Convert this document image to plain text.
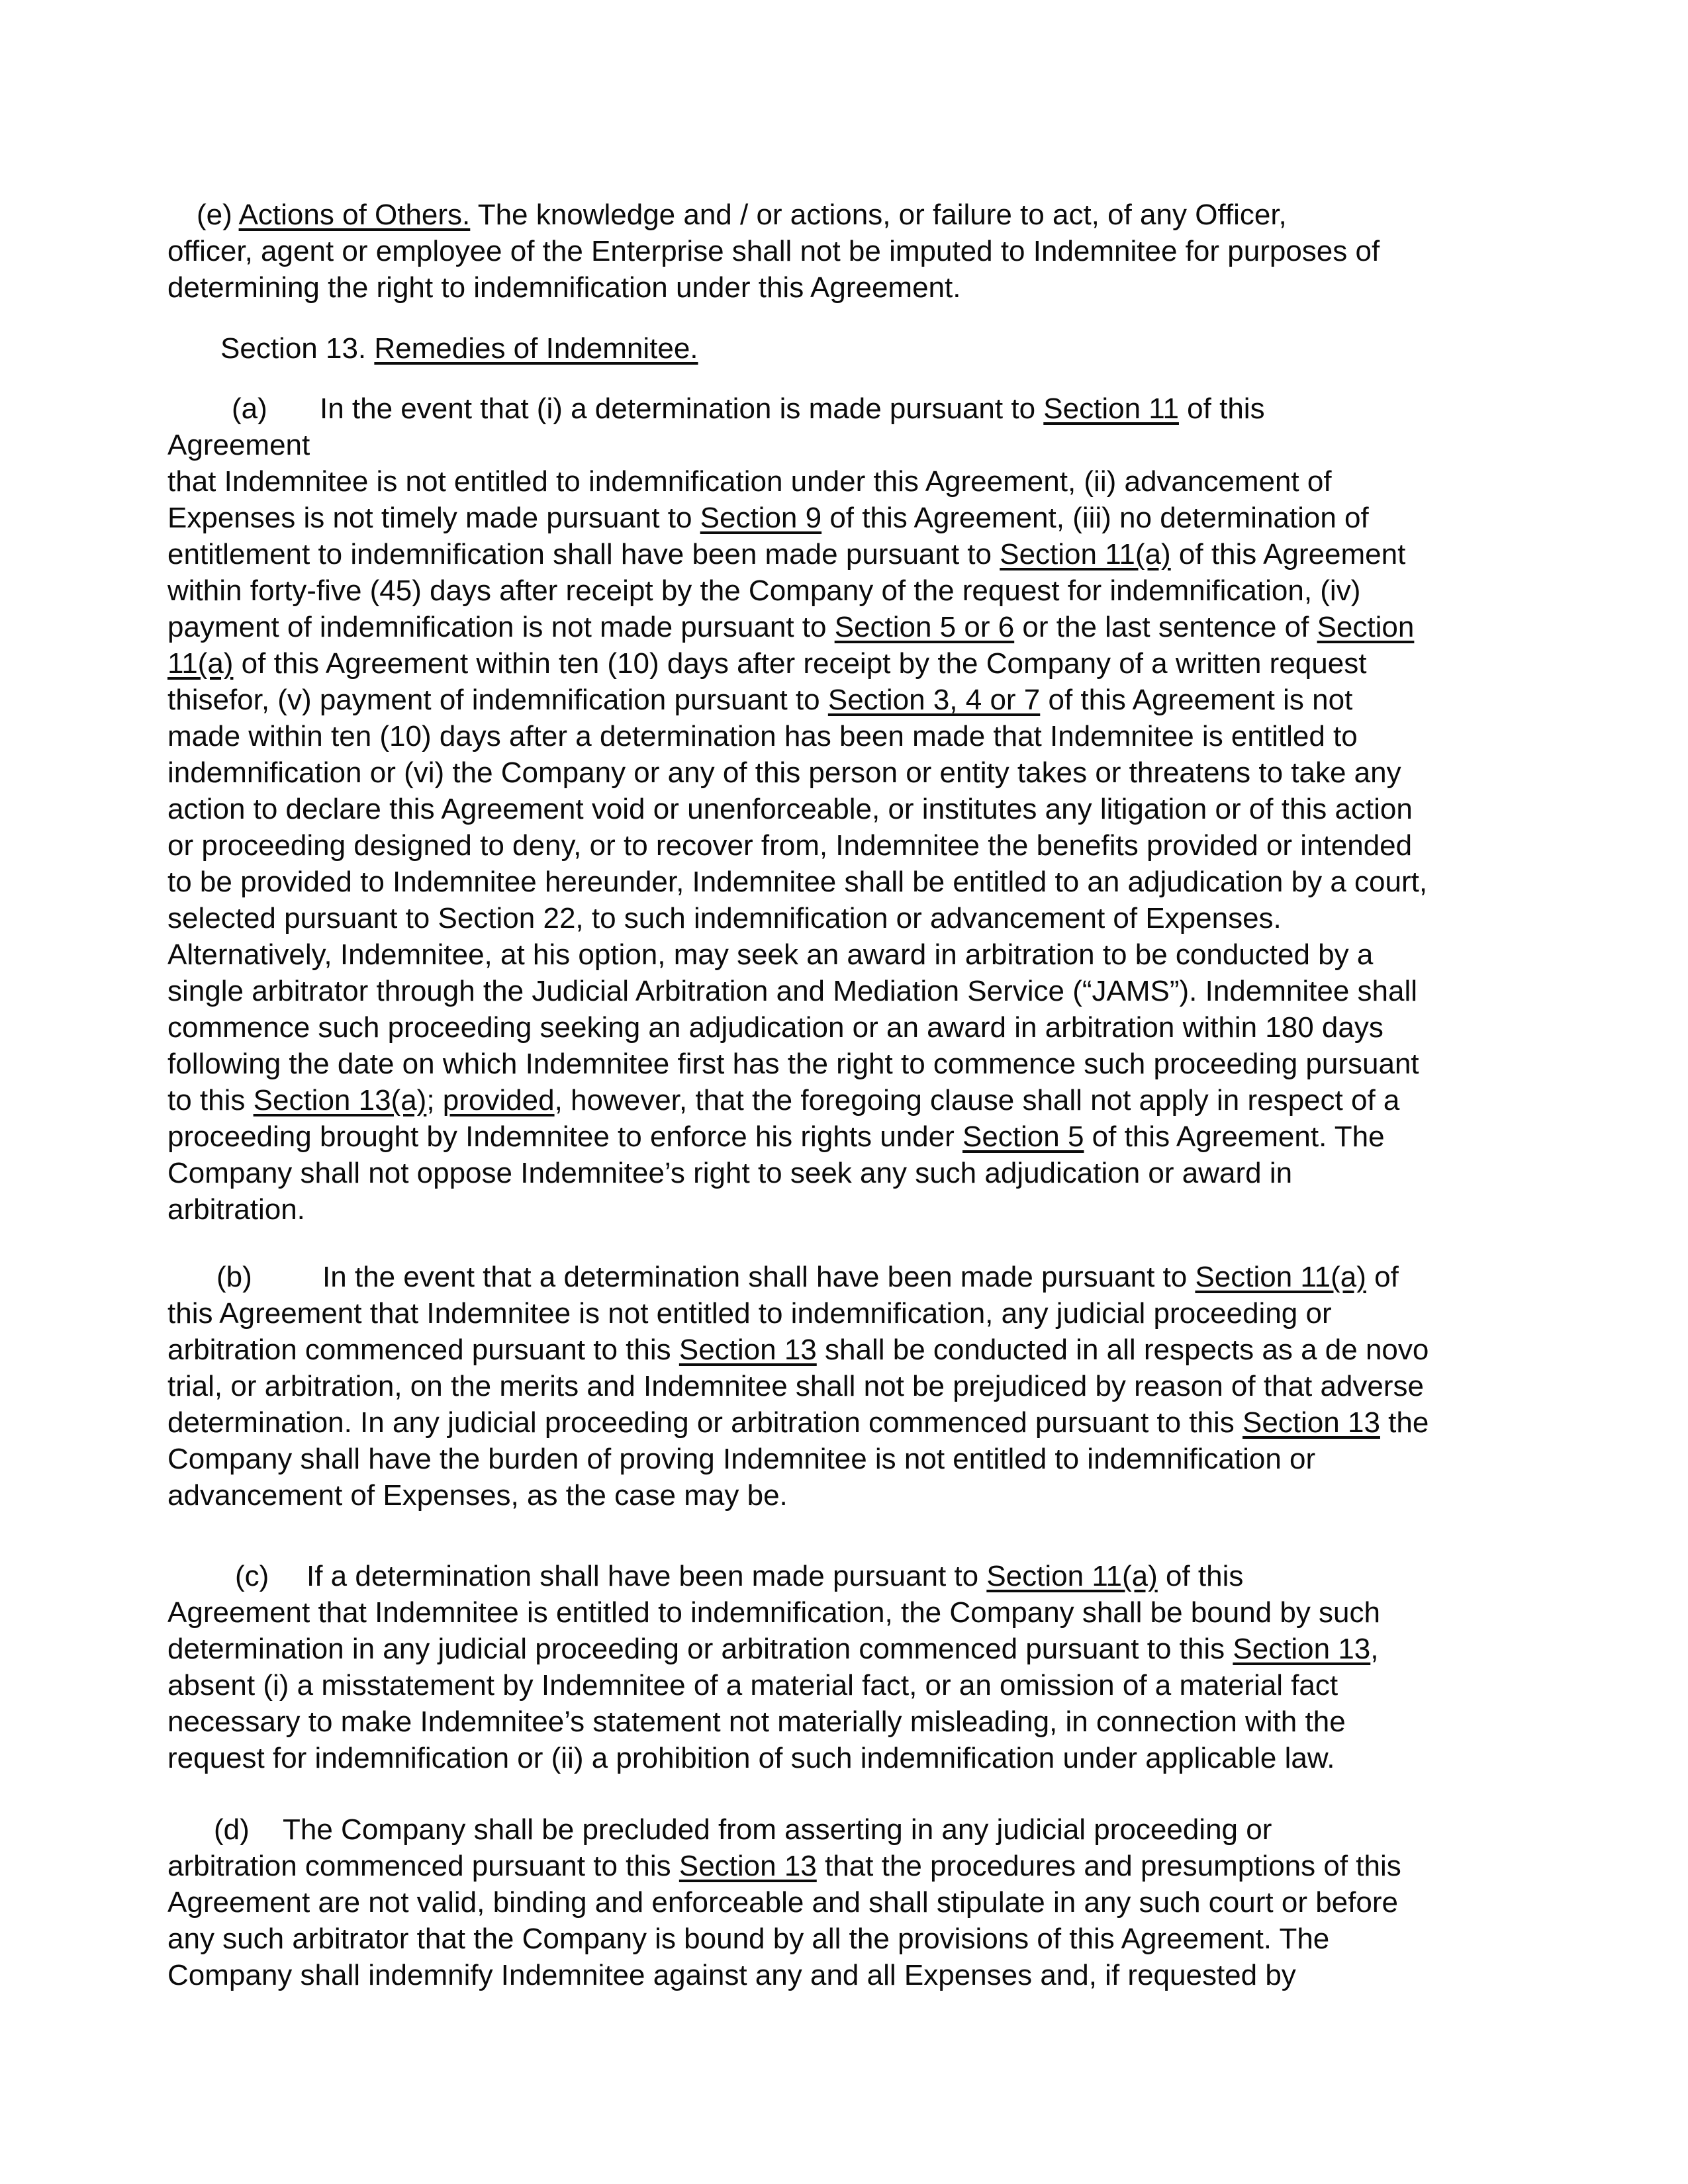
(e) Actions of Others. The knowledge and / or actions, or failure to act, of any Officer,
officer, agent or employee of the Enterprise shall not be imputed to Indemnitee for purposes of
determining the right to indemnification under this Agreement.
Section 13. Remedies of Indemnitee.
(a)	In the event that (i) a determination is made pursuant to Section 11 of this
Agreement
that Indemnitee is not entitled to indemnification under this Agreement, (ii) advancement of
Expenses is not timely made pursuant to Section 9 of this Agreement, (iii) no determination of
entitlement to indemnification shall have been made pursuant to Section 11(a) of this Agreement
within forty-five (45) days after receipt by the Company of the request for indemnification, (iv)
payment of indemnification is not made pursuant to Section 5 or 6 or the last sentence of Section
11(a) of this Agreement within ten (10) days after receipt by the Company of a written request
thisefor, (v) payment of indemnification pursuant to Section 3, 4 or 7 of this Agreement is not
made within ten (10) days after a determination has been made that Indemnitee is entitled to
indemnification or (vi) the Company or any of this person or entity takes or threatens to take any
action to declare this Agreement void or unenforceable, or institutes any litigation or of this action
or proceeding designed to deny, or to recover from, Indemnitee the benefits provided or intended
to be provided to Indemnitee hereunder, Indemnitee shall be entitled to an adjudication by a court,
selected pursuant to Section 22, to such indemnification or advancement of Expenses.
Alternatively, Indemnitee, at his option, may seek an award in arbitration to be conducted by a
single arbitrator through the Judicial Arbitration and Mediation Service (“JAMS”). Indemnitee shall
commence such proceeding seeking an adjudication or an award in arbitration within 180 days
following the date on which Indemnitee first has the right to commence such proceeding pursuant
to this Section 13(a); provided, however, that the foregoing clause shall not apply in respect of a
proceeding brought by Indemnitee to enforce his rights under Section 5 of this Agreement. The
Company shall not oppose Indemnitee’s right to seek any such adjudication or award in
arbitration.
(b)	In the event that a determination shall have been made pursuant to Section 11(a) of
this Agreement that Indemnitee is not entitled to indemnification, any judicial proceeding or
arbitration commenced pursuant to this Section 13 shall be conducted in all respects as a de novo
trial, or arbitration, on the merits and Indemnitee shall not be prejudiced by reason of that adverse
determination. In any judicial proceeding or arbitration commenced pursuant to this Section 13 the
Company shall have the burden of proving Indemnitee is not entitled to indemnification or
advancement of Expenses, as the case may be.
(c)	If a determination shall have been made pursuant to Section 11(a) of this
Agreement that Indemnitee is entitled to indemnification, the Company shall be bound by such
determination in any judicial proceeding or arbitration commenced pursuant to this Section 13,
absent (i) a misstatement by Indemnitee of a material fact, or an omission of a material fact
necessary to make Indemnitee’s statement not materially misleading, in connection with the
request for indemnification or (ii) a prohibition of such indemnification under applicable law.
(d)	The Company shall be precluded from asserting in any judicial proceeding or
arbitration commenced pursuant to this Section 13 that the procedures and presumptions of this
Agreement are not valid, binding and enforceable and shall stipulate in any such court or before
any such arbitrator that the Company is bound by all the provisions of this Agreement. The
Company shall indemnify Indemnitee against any and all Expenses and, if requested by
